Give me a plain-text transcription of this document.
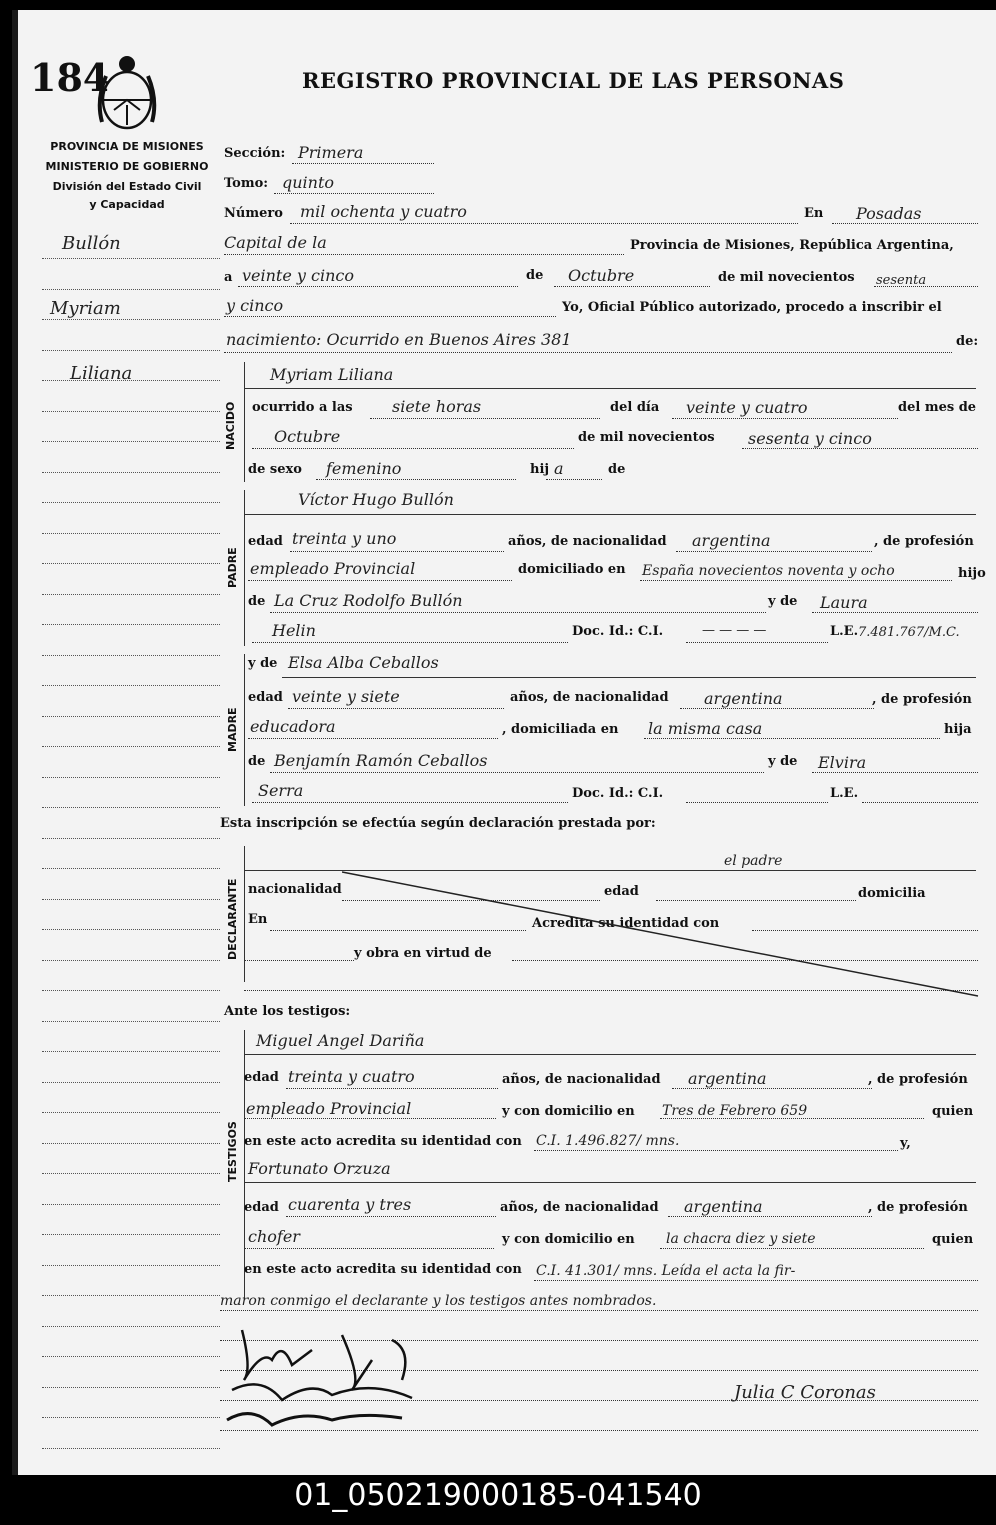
184	REGISTRO PROVINCIAL DE LAS PERSONAS
PROVINCIA DE MISIONES
MINISTERIO DE GOBIERNO
División del Estado Civil
y Capacidad
Bullón
Myriam
Liliana
Sección: Primera
Tomo: quinto
Número mil ochenta y cuatro	En Posadas
Capital de la	Provincia de Misiones, República Argentina,
a veinte y cinco	de Octubre	de mil novecientos sesenta
y cinco	Yo, Oficial Público autorizado, procedo a inscribir el
nacimiento: Ocurrido en Buenos Aires 381	de:
NACIDO
Myriam Liliana
ocurrido a las siete horas	del día veinte y cuatro	del mes de
Octubre	de mil novecientos sesenta y cinco
de sexo femenino	hij a	de
PADRE
Víctor Hugo Bullón
edad treinta y uno	años, de nacionalidad argentina	, de profesión
empleado Provincial	domiciliado en España novecientos noventa y ocho	hijo
de La Cruz Rodolfo Bullón	y de Laura
Helin	Doc. Id.: C.I.	— — — —	L.E. 7.481.767/M.C.
MADRE
y de Elsa Alba Ceballos
edad veinte y siete	años, de nacionalidad argentina	, de profesión
educadora	, domiciliada en la misma casa	hija
de Benjamín Ramón Ceballos	y de Elvira
Serra	Doc. Id.: C.I.	L.E.
Esta inscripción se efectúa según declaración prestada por:
DECLARANTE
el padre
nacionalidad	edad	domicilia
En	Acredita su identidad con
y obra en virtud de
Ante los testigos:
TESTIGOS
Miguel Angel Dariña
edad treinta y cuatro	años, de nacionalidad argentina	, de profesión
empleado Provincial	y con domicilio en Tres de Febrero 659	quien
en este acto acredita su identidad con C.I. 1.496.827/ mns.	y,
Fortunato Orzuza
edad cuarenta y tres	años, de nacionalidad argentina	, de profesión
chofer	y con domicilio en la chacra diez y siete	quien
en este acto acredita su identidad con C.I. 41.301/ mns. Leída el acta la fir-
maron conmigo el declarante y los testigos antes nombrados.
Julia C Coronas
01_050219000185-041540
